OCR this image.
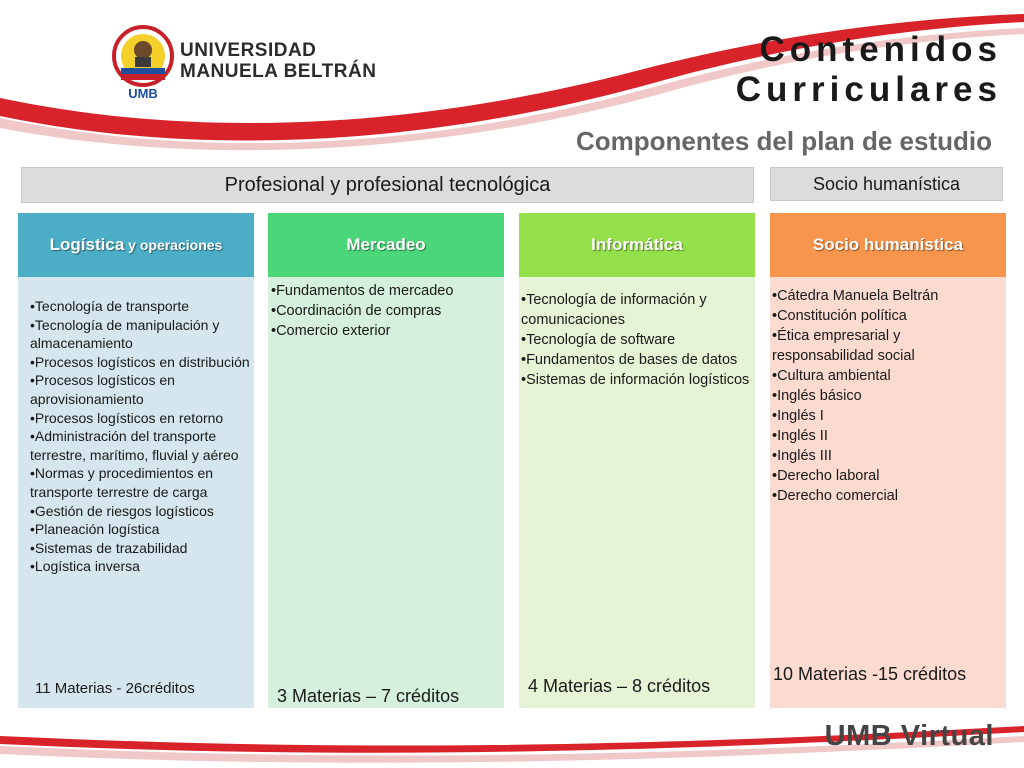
UMB
UNIVERSIDAD
MANUELA BELTRÁN
Contenidos
Curriculares
Componentes del plan de estudio
Profesional y profesional tecnológica	Socio humanística
Logística y operaciones
•Tecnología de transporte
•Tecnología de manipulación y almacenamiento
•Procesos logísticos en distribución
•Procesos logísticos en aprovisionamiento
•Procesos logísticos en retorno
•Administración del transporte terrestre, marítimo, fluvial y aéreo
•Normas y procedimientos en transporte terrestre de carga
•Gestión de riesgos logísticos
•Planeación logística
•Sistemas de trazabilidad
•Logística inversa
11 Materias - 26créditos
Mercadeo
•Fundamentos de mercadeo
•Coordinación de compras
•Comercio exterior
3 Materias – 7 créditos
Informática
•Tecnología de información y comunicaciones
•Tecnología de software
•Fundamentos de bases de datos
•Sistemas de información logísticos
4 Materias – 8 créditos
Socio humanística
•Cátedra Manuela Beltrán
•Constitución política
•Ética empresarial y responsabilidad social
•Cultura ambiental
•Inglés básico
•Inglés I
•Inglés II
•Inglés III
•Derecho laboral
•Derecho comercial
10 Materias -15 créditos
UMB Virtual
